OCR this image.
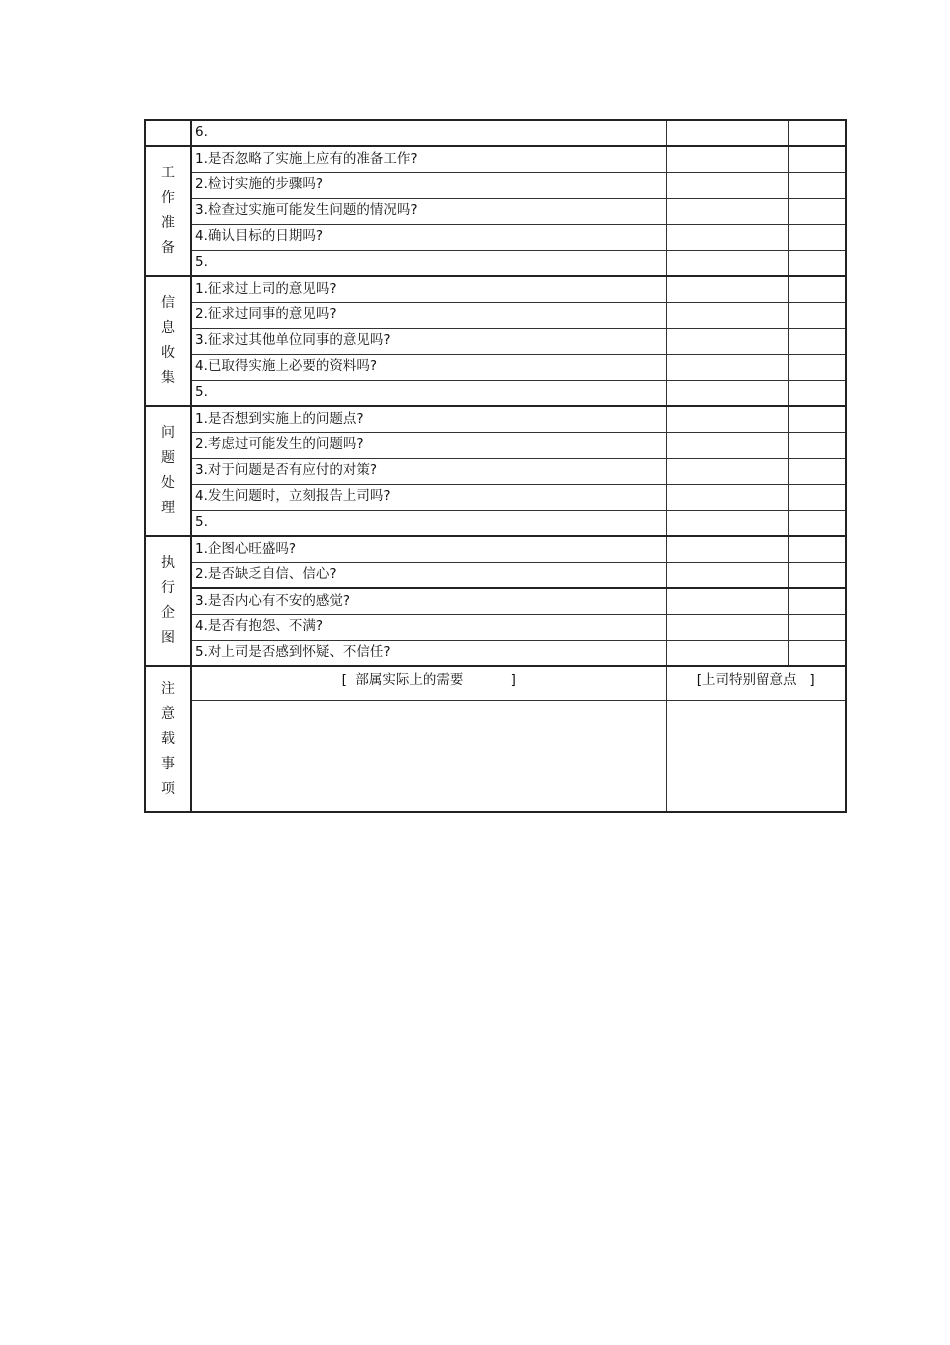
	6.		
工作准备	1.是否忽略了实施上应有的准备工作?		
	2.检讨实施的步骤吗?		
	3.检查过实施可能发生问题的情况吗?		
	4.确认目标的日期吗?		
	5.		
信息收集	1.征求过上司的意见吗?		
	2.征求过同事的意见吗?		
	3.征求过其他单位同事的意见吗?		
	4.已取得实施上必要的资料吗?		
	5.		
问题处理	1.是否想到实施上的问题点?		
	2.考虑过可能发生的问题吗?		
	3.对于问题是否有应付的对策?		
	4.发生问题时，立刻报告上司吗?		
	5.		
执行企图	1.企图心旺盛吗?		
	2.是否缺乏自信、信心?		
	3.是否内心有不安的感觉?		
	4.是否有抱怨、不满?		
	5.对上司是否感到怀疑、不信任?		
注意载事项	[  部属实际上的需要           ]	[上司特别留意点   ]	
